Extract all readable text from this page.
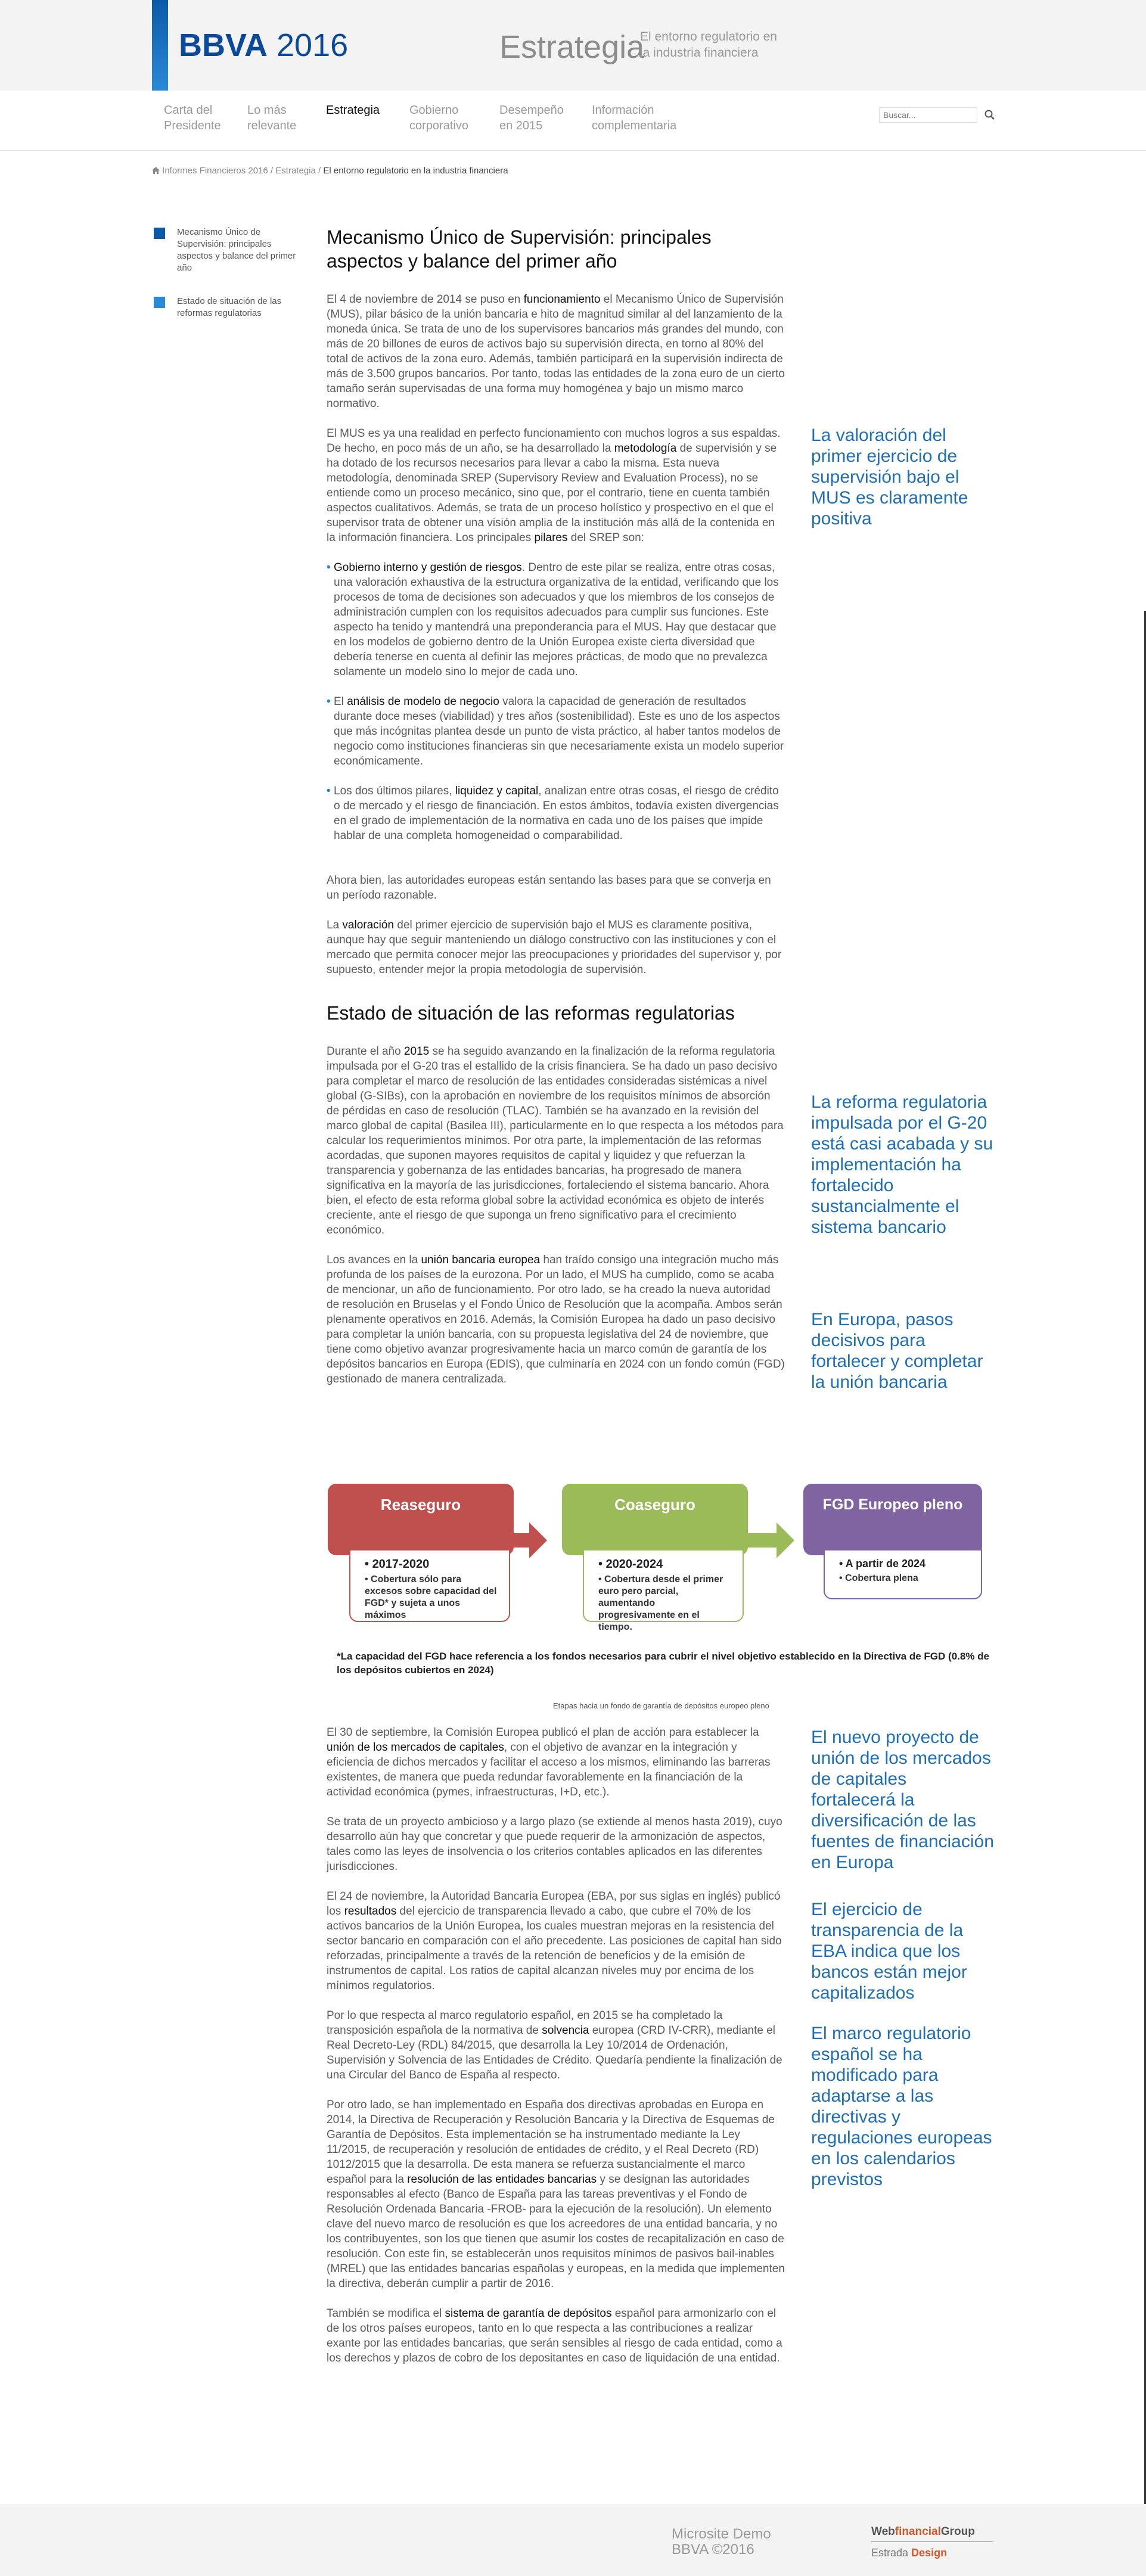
BBVA 2016	Estrategia
El entorno regulatorio en la industria financiera
Carta del Presidente
Lo más relevante
Estrategia	Gobierno corporativo
Desempeño en 2015
Información complementaria
Buscar...
Informes Financieros 2016 / Estrategia / El entorno regulatorio en la industria financiera
Mecanismo Único de Supervisión: principales aspectos y balance del primer año
Estado de situación de las reformas regulatorias
Mecanismo Único de Supervisión: principales aspectos y balance del primer año

El 4 de noviembre de 2014 se puso en funcionamiento el Mecanismo Único de Supervisión (MUS), pilar básico de la unión bancaria e hito de magnitud similar al del lanzamiento de la moneda única. Se trata de uno de los supervisores bancarios más grandes del mundo, con más de 20 billones de euros de activos bajo su supervisión directa, en torno al 80% del total de activos de la zona euro. Además, también participará en la supervisión indirecta de más de 3.500 grupos bancarios. Por tanto, todas las entidades de la zona euro de un cierto tamaño serán supervisadas de una forma muy homogénea y bajo un mismo marco normativo.

El MUS es ya una realidad en perfecto funcionamiento con muchos logros a sus espaldas. De hecho, en poco más de un año, se ha desarrollado la metodología de supervisión y se ha dotado de los recursos necesarios para llevar a cabo la misma. Esta nueva metodología, denominada SREP (Supervisory Review and Evaluation Process), no se entiende como un proceso mecánico, sino que, por el contrario, tiene en cuenta también aspectos cualitativos. Además, se trata de un proceso holístico y prospectivo en el que el supervisor trata de obtener una visión amplia de la institución más allá de la contenida en la información financiera. Los principales pilares del SREP son:

• Gobierno interno y gestión de riesgos. Dentro de este pilar se realiza, entre otras cosas, una valoración exhaustiva de la estructura organizativa de la entidad, verificando que los procesos de toma de decisiones son adecuados y que los miembros de los consejos de administración cumplen con los requisitos adecuados para cumplir sus funciones. Este aspecto ha tenido y mantendrá una preponderancia para el MUS. Hay que destacar que en los modelos de gobierno dentro de la Unión Europea existe cierta diversidad que debería tenerse en cuenta al definir las mejores prácticas, de modo que no prevalezca solamente un modelo sino lo mejor de cada uno.
• El análisis de modelo de negocio valora la capacidad de generación de resultados durante doce meses (viabilidad) y tres años (sostenibilidad). Este es uno de los aspectos que más incógnitas plantea desde un punto de vista práctico, al haber tantos modelos de negocio como instituciones financieras sin que necesariamente exista un modelo superior económicamente.
• Los dos últimos pilares, liquidez y capital, analizan entre otras cosas, el riesgo de crédito o de mercado y el riesgo de financiación. En estos ámbitos, todavía existen divergencias en el grado de implementación de la normativa en cada uno de los países que impide hablar de una completa homogeneidad o comparabilidad.

Ahora bien, las autoridades europeas están sentando las bases para que se converja en un período razonable.

La valoración del primer ejercicio de supervisión bajo el MUS es claramente positiva, aunque hay que seguir manteniendo un diálogo constructivo con las instituciones y con el mercado que permita conocer mejor las preocupaciones y prioridades del supervisor y, por supuesto, entender mejor la propia metodología de supervisión.

Estado de situación de las reformas regulatorias

Durante el año 2015 se ha seguido avanzando en la finalización de la reforma regulatoria impulsada por el G-20 tras el estallido de la crisis financiera. Se ha dado un paso decisivo para completar el marco de resolución de las entidades consideradas sistémicas a nivel global (G-SIBs), con la aprobación en noviembre de los requisitos mínimos de absorción de pérdidas en caso de resolución (TLAC). También se ha avanzado en la revisión del marco global de capital (Basilea III), particularmente en lo que respecta a los métodos para calcular los requerimientos mínimos. Por otra parte, la implementación de las reformas acordadas, que suponen mayores requisitos de capital y liquidez y que refuerzan la transparencia y gobernanza de las entidades bancarias, ha progresado de manera significativa en la mayoría de las jurisdicciones, fortaleciendo el sistema bancario. Ahora bien, el efecto de esta reforma global sobre la actividad económica es objeto de interés creciente, ante el riesgo de que suponga un freno significativo para el crecimiento económico.

Los avances en la unión bancaria europea han traído consigo una integración mucho más profunda de los países de la eurozona. Por un lado, el MUS ha cumplido, como se acaba de mencionar, un año de funcionamiento. Por otro lado, se ha creado la nueva autoridad de resolución en Bruselas y el Fondo Único de Resolución que la acompaña. Ambos serán plenamente operativos en 2016. Además, la Comisión Europea ha dado un paso decisivo para completar la unión bancaria, con su propuesta legislativa del 24 de noviembre, que tiene como objetivo avanzar progresivamente hacia un marco común de garantía de los depósitos bancarios en Europa (EDIS), que culminaría en 2024 con un fondo común (FGD) gestionado de manera centralizada.

Reaseguro
• 2017-2020
• Cobertura sólo para excesos sobre capacidad del FGD* y sujeta a unos máximos
Coaseguro
• 2020-2024
• Cobertura desde el primer euro pero parcial, aumentando progresivamente en el tiempo.
FGD Europeo pleno
• A partir de 2024
• Cobertura plena
*La capacidad del FGD hace referencia a los fondos necesarios para cubrir el nivel objetivo establecido en la Directiva de FGD (0.8% de los depósitos cubiertos en 2024)
Etapas hacia un fondo de garantía de depósitos europeo pleno

El 30 de septiembre, la Comisión Europea publicó el plan de acción para establecer la unión de los mercados de capitales, con el objetivo de avanzar en la integración y eficiencia de dichos mercados y facilitar el acceso a los mismos, eliminando las barreras existentes, de manera que pueda redundar favorablemente en la financiación de la actividad económica (pymes, infraestructuras, I+D, etc.).

Se trata de un proyecto ambicioso y a largo plazo (se extiende al menos hasta 2019), cuyo desarrollo aún hay que concretar y que puede requerir de la armonización de aspectos, tales como las leyes de insolvencia o los criterios contables aplicados en las diferentes jurisdicciones.

El 24 de noviembre, la Autoridad Bancaria Europea (EBA, por sus siglas en inglés) publicó los resultados del ejercicio de transparencia llevado a cabo, que cubre el 70% de los activos bancarios de la Unión Europea, los cuales muestran mejoras en la resistencia del sector bancario en comparación con el año precedente. Las posiciones de capital han sido reforzadas, principalmente a través de la retención de beneficios y de la emisión de instrumentos de capital. Los ratios de capital alcanzan niveles muy por encima de los mínimos regulatorios.

Por lo que respecta al marco regulatorio español, en 2015 se ha completado la transposición española de la normativa de solvencia europea (CRD IV-CRR), mediante el Real Decreto-Ley (RDL) 84/2015, que desarrolla la Ley 10/2014 de Ordenación, Supervisión y Solvencia de las Entidades de Crédito. Quedaría pendiente la finalización de una Circular del Banco de España al respecto.

Por otro lado, se han implementado en España dos directivas aprobadas en Europa en 2014, la Directiva de Recuperación y Resolución Bancaria y la Directiva de Esquemas de Garantía de Depósitos. Esta implementación se ha instrumentado mediante la Ley 11/2015, de recuperación y resolución de entidades de crédito, y el Real Decreto (RD) 1012/2015 que la desarrolla. De esta manera se refuerza sustancialmente el marco español para la resolución de las entidades bancarias y se designan las autoridades responsables al efecto (Banco de España para las tareas preventivas y el Fondo de Resolución Ordenada Bancaria -FROB- para la ejecución de la resolución). Un elemento clave del nuevo marco de resolución es que los acreedores de una entidad bancaria, y no los contribuyentes, son los que tienen que asumir los costes de recapitalización en caso de resolución. Con este fin, se establecerán unos requisitos mínimos de pasivos bail-inables (MREL) que las entidades bancarias españolas y europeas, en la medida que implementen la directiva, deberán cumplir a partir de 2016.

También se modifica el sistema de garantía de depósitos español para armonizarlo con el de los otros países europeos, tanto en lo que respecta a las contribuciones a realizar exante por las entidades bancarias, que serán sensibles al riesgo de cada entidad, como a los derechos y plazos de cobro de los depositantes en caso de liquidación de una entidad.

La valoración del primer ejercicio de supervisión bajo el MUS es claramente positiva
La reforma regulatoria impulsada por el G-20 está casi acabada y su implementación ha fortalecido sustancialmente el sistema bancario
En Europa, pasos decisivos para fortalecer y completar la unión bancaria
El nuevo proyecto de unión de los mercados de capitales fortalecerá la diversificación de las fuentes de financiación en Europa
El ejercicio de transparencia de la EBA indica que los bancos están mejor capitalizados
El marco regulatorio español se ha modificado para adaptarse a las directivas y regulaciones europeas en los calendarios previstos
Microsite Demo
BBVA ©2016
WebfinancialGroup
Estrada Design
